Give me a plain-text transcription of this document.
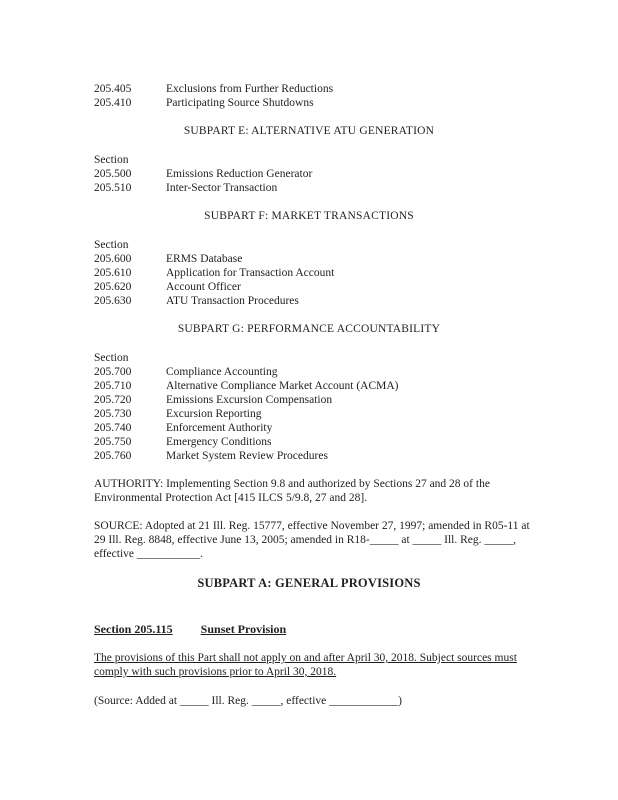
205.405	Exclusions from Further Reductions
205.410	Participating Source Shutdowns
SUBPART E: ALTERNATIVE ATU GENERATION
Section
205.500	Emissions Reduction Generator
205.510	Inter-Sector Transaction
SUBPART F: MARKET TRANSACTIONS
Section
205.600	ERMS Database
205.610	Application for Transaction Account
205.620	Account Officer
205.630	ATU Transaction Procedures
SUBPART G: PERFORMANCE ACCOUNTABILITY
Section
205.700	Compliance Accounting
205.710	Alternative Compliance Market Account (ACMA)
205.720	Emissions Excursion Compensation
205.730	Excursion Reporting
205.740	Enforcement Authority
205.750	Emergency Conditions
205.760	Market System Review Procedures
AUTHORITY: Implementing Section 9.8 and authorized by Sections 27 and 28 of the Environmental Protection Act [415 ILCS 5/9.8, 27 and 28].
SOURCE: Adopted at 21 Ill. Reg. 15777, effective November 27, 1997; amended in R05-11 at 29 Ill. Reg. 8848, effective June 13, 2005; amended in R18-_____ at _____ Ill. Reg. _____, effective ___________.
SUBPART A: GENERAL PROVISIONS
Section 205.115 Sunset Provision
The provisions of this Part shall not apply on and after April 30, 2018. Subject sources must comply with such provisions prior to April 30, 2018.
(Source: Added at _____ Ill. Reg. _____, effective ____________)
